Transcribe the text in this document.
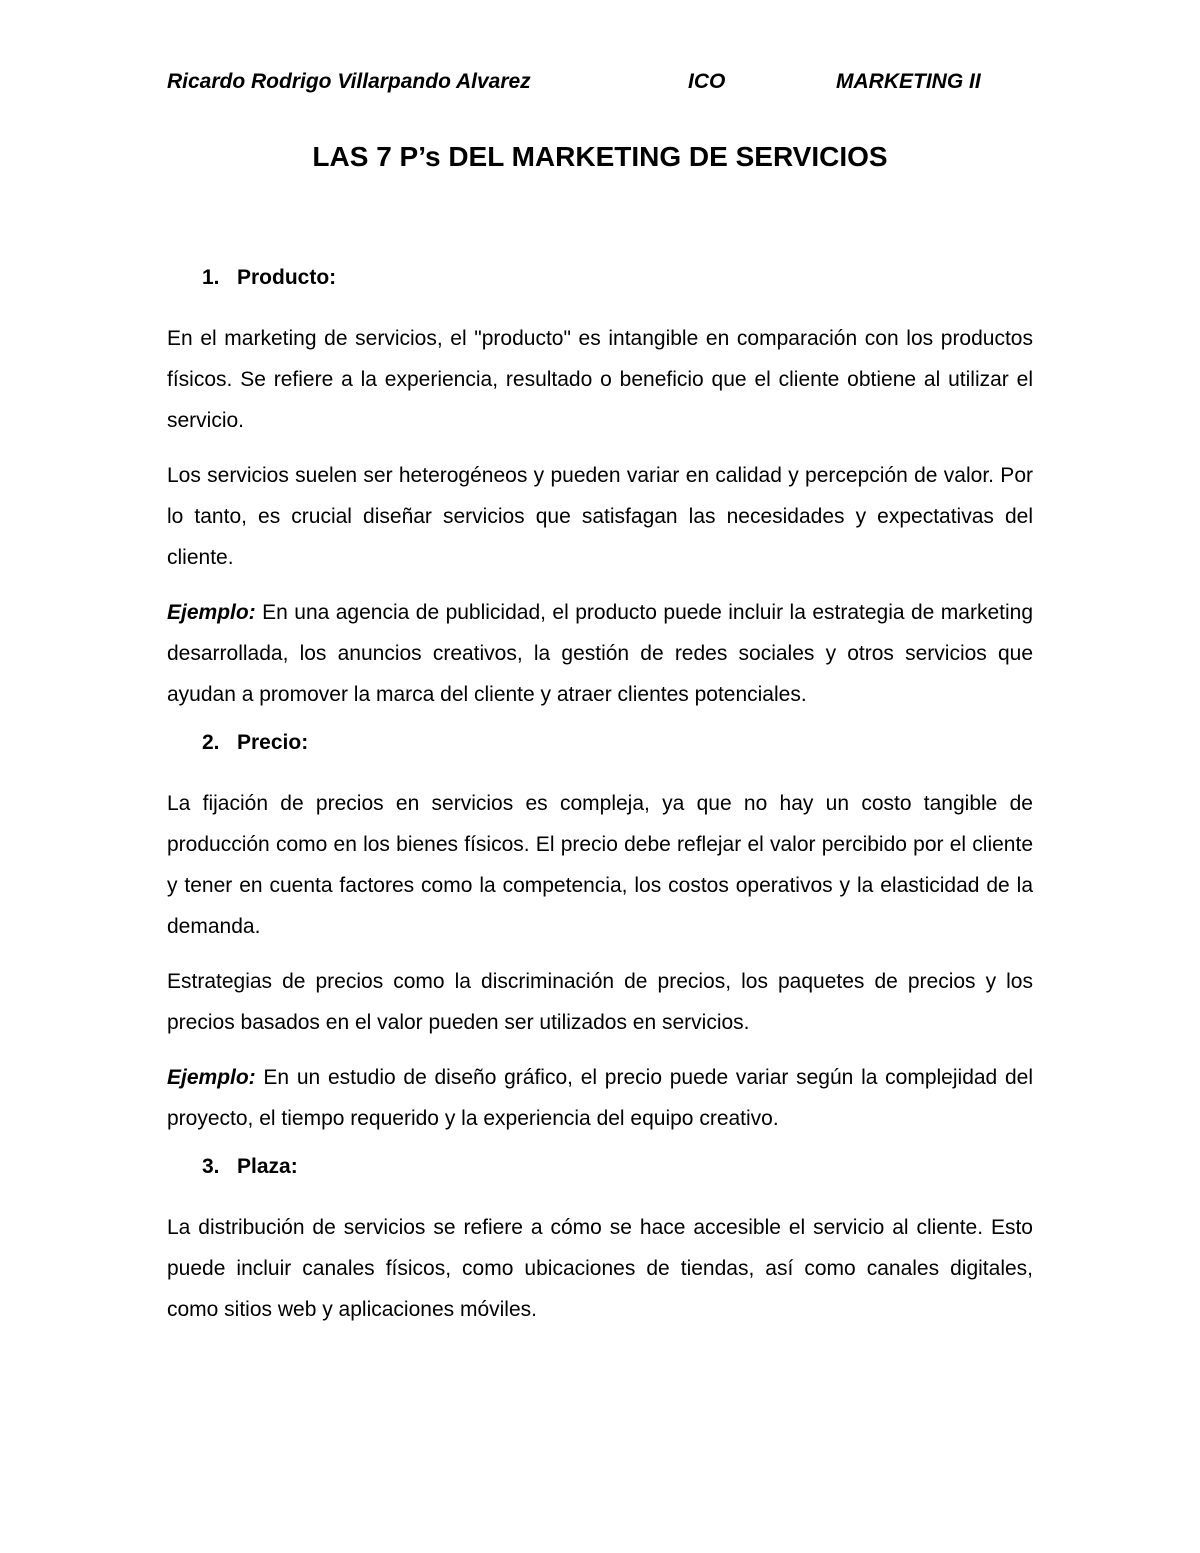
Ricardo Rodrigo Villarpando Alvarez	ICO	MARKETING II
LAS 7 P’s DEL MARKETING DE SERVICIOS
1. Producto:

En el marketing de servicios, el "producto" es intangible en comparación con los productos físicos. Se refiere a la experiencia, resultado o beneficio que el cliente obtiene al utilizar el servicio.

Los servicios suelen ser heterogéneos y pueden variar en calidad y percepción de valor. Por lo tanto, es crucial diseñar servicios que satisfagan las necesidades y expectativas del cliente.

Ejemplo: En una agencia de publicidad, el producto puede incluir la estrategia de marketing desarrollada, los anuncios creativos, la gestión de redes sociales y otros servicios que ayudan a promover la marca del cliente y atraer clientes potenciales.

2. Precio:

La fijación de precios en servicios es compleja, ya que no hay un costo tangible de producción como en los bienes físicos. El precio debe reflejar el valor percibido por el cliente y tener en cuenta factores como la competencia, los costos operativos y la elasticidad de la demanda.

Estrategias de precios como la discriminación de precios, los paquetes de precios y los precios basados en el valor pueden ser utilizados en servicios.

Ejemplo: En un estudio de diseño gráfico, el precio puede variar según la complejidad del proyecto, el tiempo requerido y la experiencia del equipo creativo.

3. Plaza:

La distribución de servicios se refiere a cómo se hace accesible el servicio al cliente. Esto puede incluir canales físicos, como ubicaciones de tiendas, así como canales digitales, como sitios web y aplicaciones móviles.
